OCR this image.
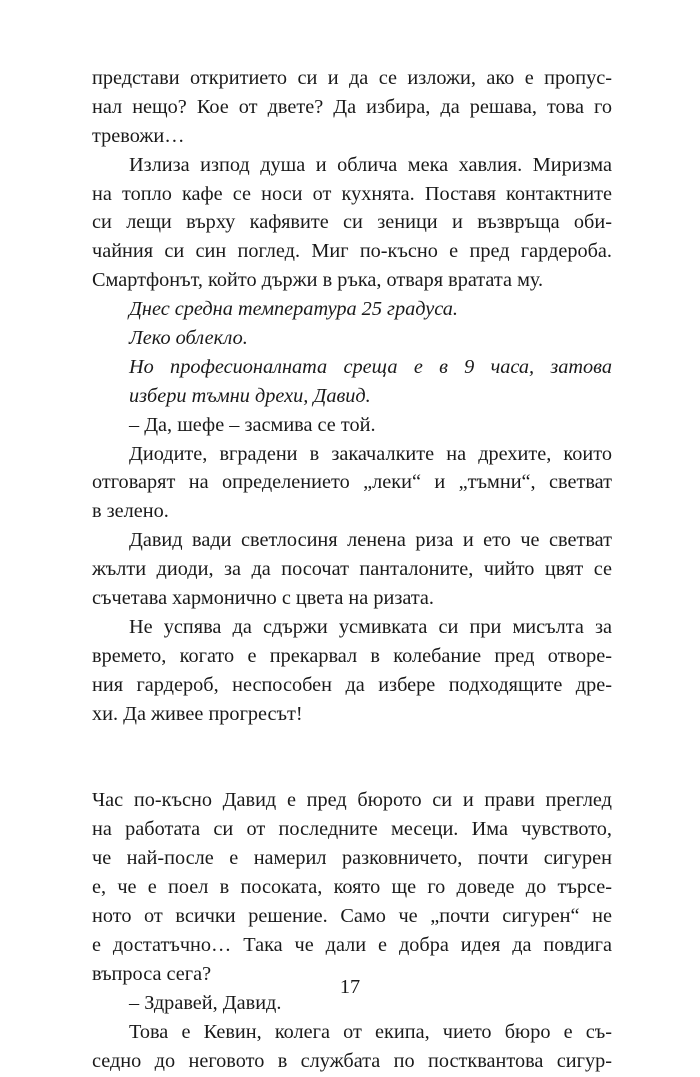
представи откритието си и да се изложи, ако е пропус-
нал нещо? Кое от двете? Да избира, да решава, това го
тревожи…
Излиза изпод душа и облича мека хавлия. Миризма
на топло кафе се носи от кухнята. Поставя контактните
си лещи върху кафявите си зеници и възвръща оби-
чайния си син поглед. Миг по-късно е пред гардероба.
Смартфонът, който държи в ръка, отваря вратата му.
Днес средна температура 25 градуса.
Леко облекло.
Но професионалната среща е в 9 часа, затова
избери тъмни дрехи, Давид.
– Да, шефе – засмива се той.
Диодите, вградени в закачалките на дрехите, които
отговарят на определението „леки“ и „тъмни“, светват
в зелено.
Давид вади светлосиня ленена риза и ето че светват
жълти диоди, за да посочат панталоните, чийто цвят се
съчетава хармонично с цвета на ризата.
Не успява да сдържи усмивката си при мисълта за
времето, когато е прекарвал в колебание пред отворе-
ния гардероб, неспособен да избере подходящите дре-
хи. Да живее прогресът!
Час по-късно Давид е пред бюрото си и прави преглед
на работата си от последните месеци. Има чувството,
че най-после е намерил разковничето, почти сигурен
е, че е поел в посоката, която ще го доведе до търсе-
ното от всички решение. Само че „почти сигурен“ не
е достатъчно… Така че дали е добра идея да повдига
въпроса сега?
– Здравей, Давид.
Това е Кевин, колега от екипа, чието бюро е съ-
седно до неговото в службата по постквантова сигур-
17
